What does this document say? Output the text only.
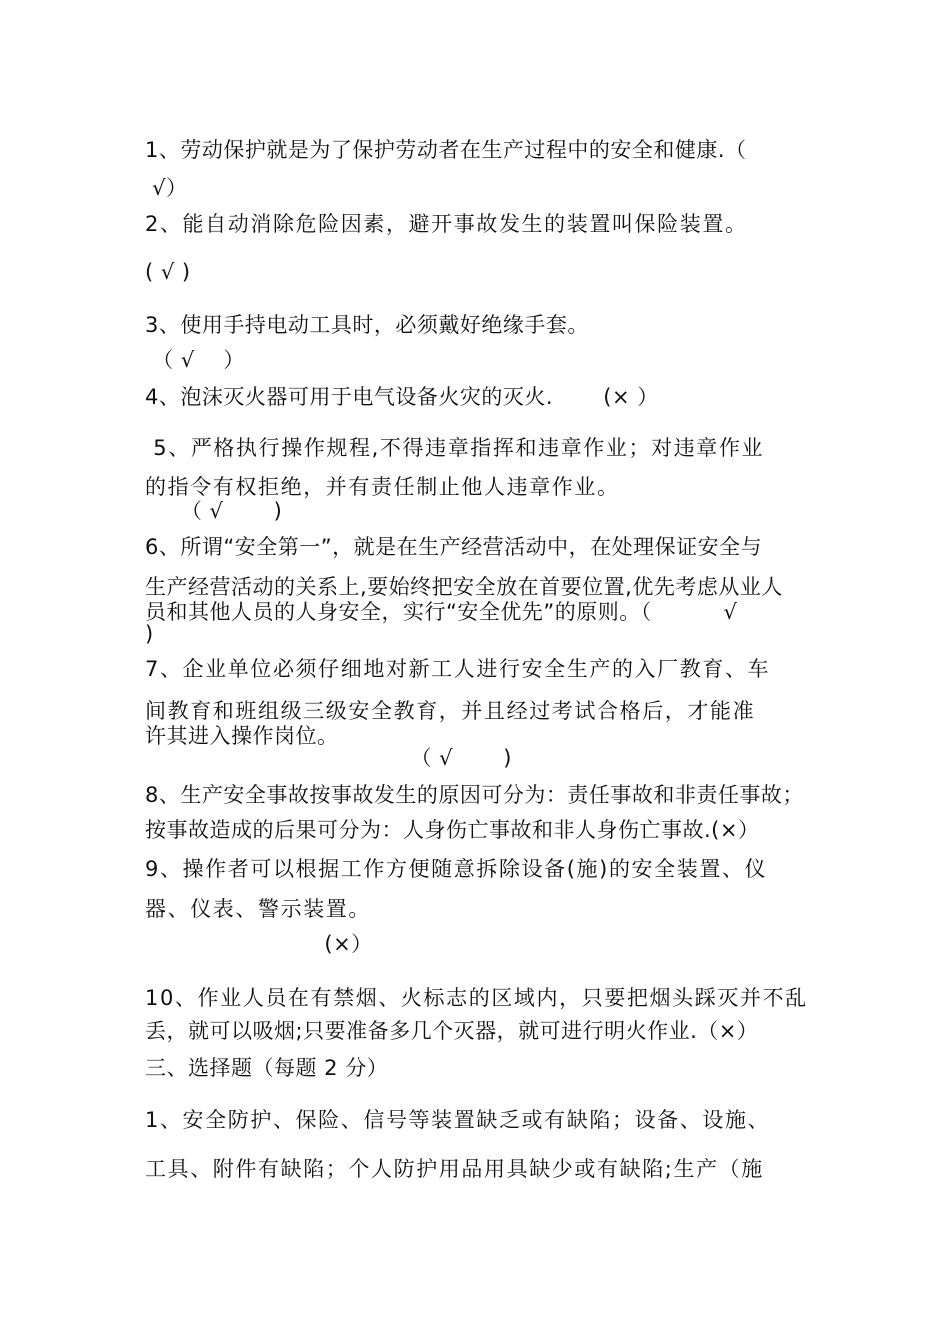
1、劳动保护就是为了保护劳动者在生产过程中的安全和健康.（
√）
2、能自动消除危险因素，避开事故发生的装置叫保险装置。
( √ )
3、使用手持电动工具时，必须戴好绝缘手套。
（ √    ）
4、泡沫灭火器可用于电气设备火灾的灭火.       (× ）
5、严格执行操作规程,不得违章指挥和违章作业；对违章作业
的指令有权拒绝，并有责任制止他人违章作业。
（ √       )
6、所谓“安全第一”，就是在生产经营活动中，在处理保证安全与
生产经营活动的关系上,要始终把安全放在首要位置,优先考虑从业人
员和其他人员的人身安全，实行“安全优先”的原则。（          √
)
7、企业单位必须仔细地对新工人进行安全生产的入厂教育、车
间教育和班组级三级安全教育，并且经过考试合格后，才能准
许其进入操作岗位。
（ √       )
8、生产安全事故按事故发生的原因可分为：责任事故和非责任事故；
按事故造成的后果可分为：人身伤亡事故和非人身伤亡事故.(×）
9、操作者可以根据工作方便随意拆除设备(施)的安全装置、仪
器、仪表、警示装置。
(×）
10、作业人员在有禁烟、火标志的区域内，只要把烟头踩灭并不乱
丢，就可以吸烟;只要准备多几个灭器，就可进行明火作业.（×）
三、选择题（每题 2 分）
1、安全防护、保险、信号等装置缺乏或有缺陷；设备、设施、
工具、附件有缺陷；个人防护用品用具缺少或有缺陷;生产（施
